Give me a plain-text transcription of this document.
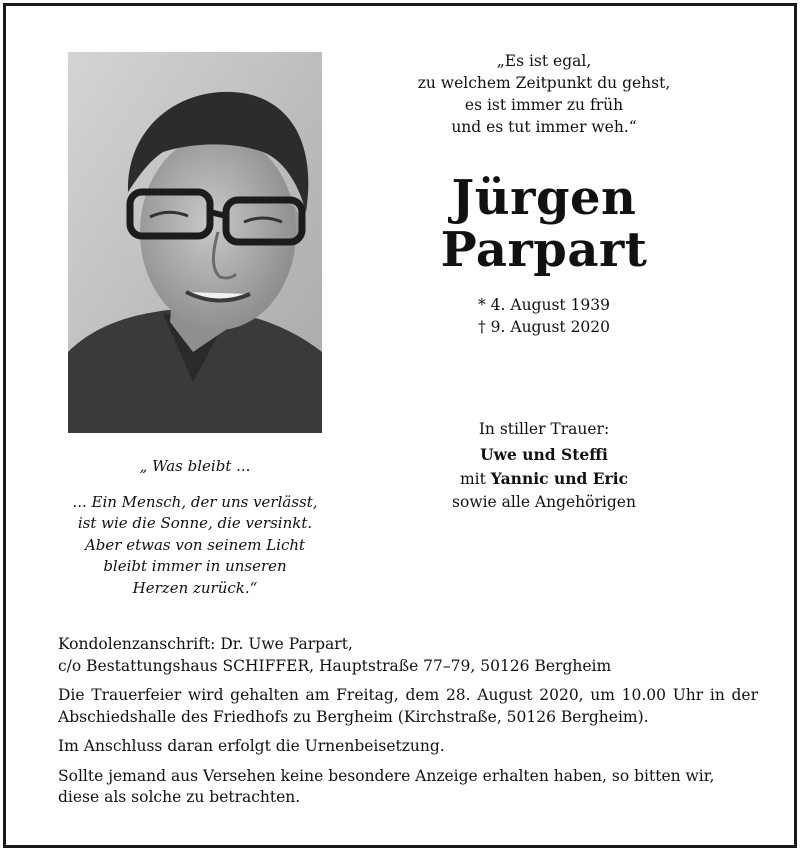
„Es ist egal,
zu welchem Zeitpunkt du gehst,
es ist immer zu früh
und es tut immer weh.“
Jürgen
Parpart
* 4. August 1939
† 9. August 2020
In stiller Trauer:
Uwe und Steffi
mit Yannic und Eric
sowie alle Angehörigen
„ Was bleibt ...
... Ein Mensch, der uns verlässt,
ist wie die Sonne, die versinkt.
Aber etwas von seinem Licht
bleibt immer in unseren
Herzen zurück.“

Kondolenzanschrift: Dr. Uwe Parpart,
c/o Bestattungshaus SCHIFFER, Hauptstraße 77–79, 50126 Bergheim

Die Trauerfeier wird gehalten am Freitag, dem 28. August 2020, um 10.00 Uhr in der Abschiedshalle des Friedhofs zu Bergheim (Kirchstraße, 50126 Bergheim).

Im Anschluss daran erfolgt die Urnenbeisetzung.

Sollte jemand aus Versehen keine besondere Anzeige erhalten haben, so bitten wir, diese als solche zu betrachten.
